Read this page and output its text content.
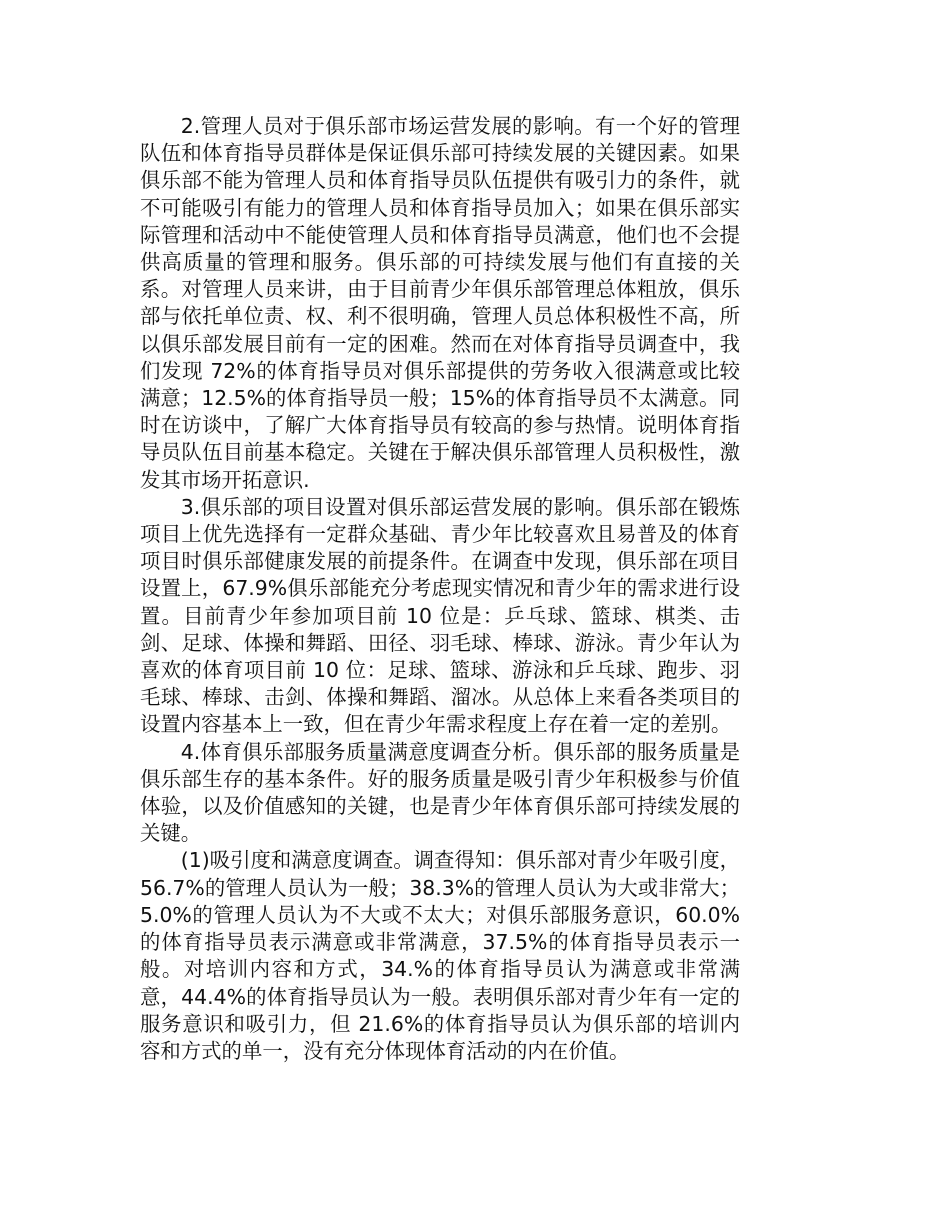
2.管理人员对于俱乐部市场运营发展的影响。有一个好的管理队伍和体育指导员群体是保证俱乐部可持续发展的关键因素。如果俱乐部不能为管理人员和体育指导员队伍提供有吸引力的条件，就不可能吸引有能力的管理人员和体育指导员加入；如果在俱乐部实际管理和活动中不能使管理人员和体育指导员满意，他们也不会提供高质量的管理和服务。俱乐部的可持续发展与他们有直接的关系。对管理人员来讲，由于目前青少年俱乐部管理总体粗放，俱乐部与依托单位责、权、利不很明确，管理人员总体积极性不高，所以俱乐部发展目前有一定的困难。然而在对体育指导员调查中，我们发现 72%的体育指导员对俱乐部提供的劳务收入很满意或比较满意；12.5%的体育指导员一般；15%的体育指导员不太满意。同时在访谈中，了解广大体育指导员有较高的参与热情。说明体育指导员队伍目前基本稳定。关键在于解决俱乐部管理人员积极性，激发其市场开拓意识.

3.俱乐部的项目设置对俱乐部运营发展的影响。俱乐部在锻炼项目上优先选择有一定群众基础、青少年比较喜欢且易普及的体育项目时俱乐部健康发展的前提条件。在调查中发现，俱乐部在项目设置上，67.9%俱乐部能充分考虑现实情况和青少年的需求进行设置。目前青少年参加项目前 10 位是：乒乓球、篮球、棋类、击剑、足球、体操和舞蹈、田径、羽毛球、棒球、游泳。青少年认为喜欢的体育项目前 10 位：足球、篮球、游泳和乒乓球、跑步、羽毛球、棒球、击剑、体操和舞蹈、溜冰。从总体上来看各类项目的设置内容基本上一致，但在青少年需求程度上存在着一定的差别。

4.体育俱乐部服务质量满意度调查分析。俱乐部的服务质量是俱乐部生存的基本条件。好的服务质量是吸引青少年积极参与价值体验，以及价值感知的关键，也是青少年体育俱乐部可持续发展的关键。

(1)吸引度和满意度调查。调查得知：俱乐部对青少年吸引度，56.7%的管理人员认为一般；38.3%的管理人员认为大或非常大；5.0%的管理人员认为不大或不太大；对俱乐部服务意识，60.0%的体育指导员表示满意或非常满意，37.5%的体育指导员表示一般。对培训内容和方式，34.%的体育指导员认为满意或非常满意，44.4%的体育指导员认为一般。表明俱乐部对青少年有一定的服务意识和吸引力，但 21.6%的体育指导员认为俱乐部的培训内容和方式的单一，没有充分体现体育活动的内在价值。
